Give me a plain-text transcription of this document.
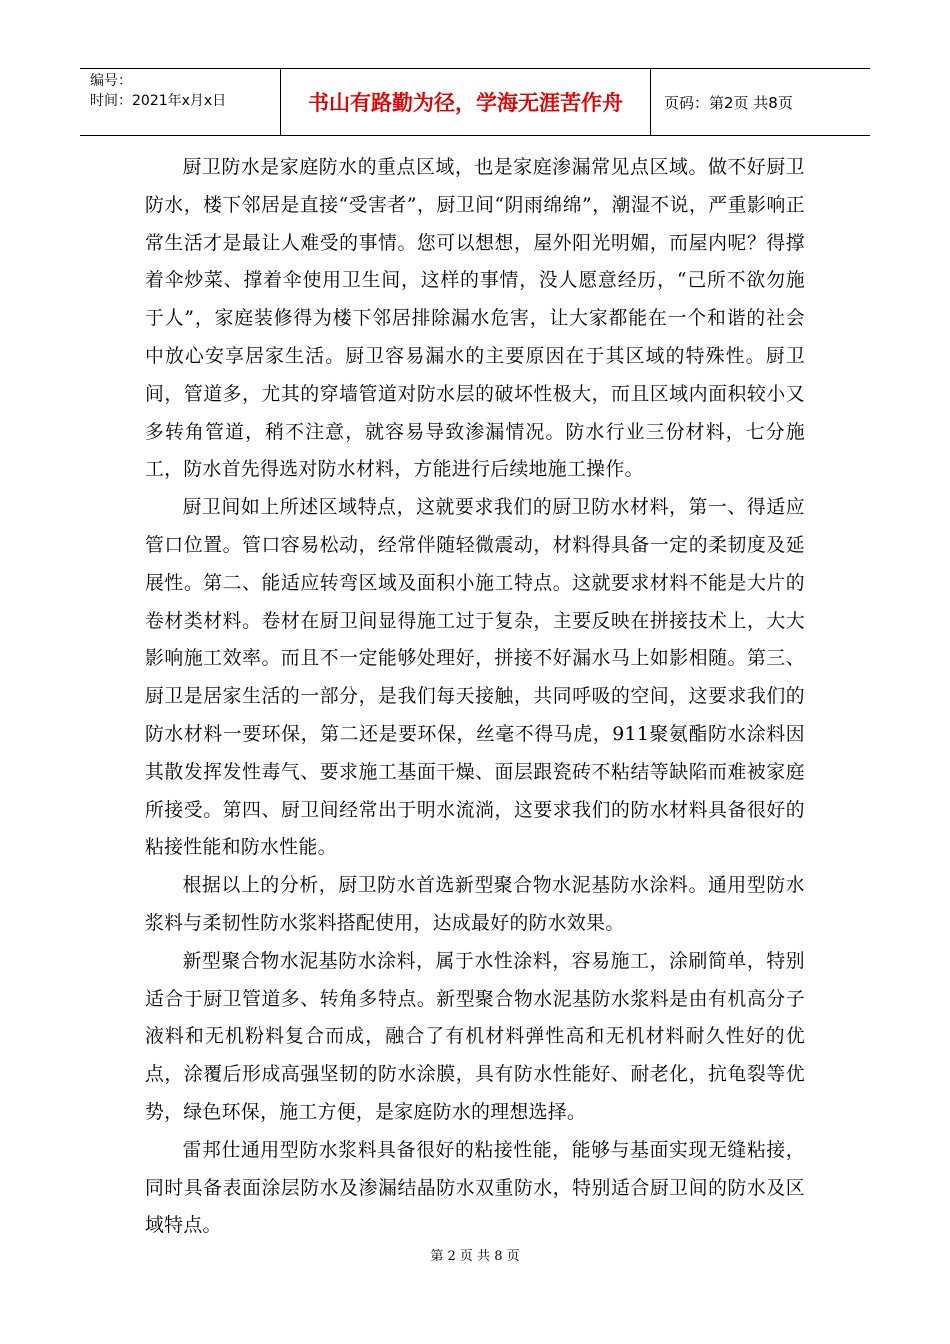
编号：
时间：2021年x月x日	书山有路勤为径，学海无涯苦作舟	页码：第2页 共8页

厨卫防水是家庭防水的重点区域，也是家庭渗漏常见点区域。做不好厨卫防水，楼下邻居是直接“受害者”，厨卫间“阴雨绵绵”，潮湿不说，严重影响正常生活才是最让人难受的事情。您可以想想，屋外阳光明媚，而屋内呢？得撑着伞炒菜、撑着伞使用卫生间，这样的事情，没人愿意经历，“己所不欲勿施于人”，家庭装修得为楼下邻居排除漏水危害，让大家都能在一个和谐的社会中放心安享居家生活。厨卫容易漏水的主要原因在于其区域的特殊性。厨卫间，管道多，尤其的穿墙管道对防水层的破坏性极大，而且区域内面积较小又多转角管道，稍不注意，就容易导致渗漏情况。防水行业三份材料，七分施工，防水首先得选对防水材料，方能进行后续地施工操作。

厨卫间如上所述区域特点，这就要求我们的厨卫防水材料，第一、得适应管口位置。管口容易松动，经常伴随轻微震动，材料得具备一定的柔韧度及延展性。第二、能适应转弯区域及面积小施工特点。这就要求材料不能是大片的卷材类材料。卷材在厨卫间显得施工过于复杂，主要反映在拼接技术上，大大影响施工效率。而且不一定能够处理好，拼接不好漏水马上如影相随。第三、厨卫是居家生活的一部分，是我们每天接触，共同呼吸的空间，这要求我们的防水材料一要环保，第二还是要环保，丝毫不得马虎，911聚氨酯防水涂料因其散发挥发性毒气、要求施工基面干燥、面层跟瓷砖不粘结等缺陷而难被家庭所接受。第四、厨卫间经常出于明水流淌，这要求我们的防水材料具备很好的粘接性能和防水性能。

根据以上的分析，厨卫防水首选新型聚合物水泥基防水涂料。通用型防水浆料与柔韧性防水浆料搭配使用，达成最好的防水效果。

新型聚合物水泥基防水涂料，属于水性涂料，容易施工，涂刷简单，特别适合于厨卫管道多、转角多特点。新型聚合物水泥基防水浆料是由有机高分子液料和无机粉料复合而成，融合了有机材料弹性高和无机材料耐久性好的优点，涂覆后形成高强坚韧的防水涂膜，具有防水性能好、耐老化，抗龟裂等优势，绿色环保，施工方便，是家庭防水的理想选择。

雷邦仕通用型防水浆料具备很好的粘接性能，能够与基面实现无缝粘接，同时具备表面涂层防水及渗漏结晶防水双重防水，特别适合厨卫间的防水及区域特点。

第 2 页 共 8 页
